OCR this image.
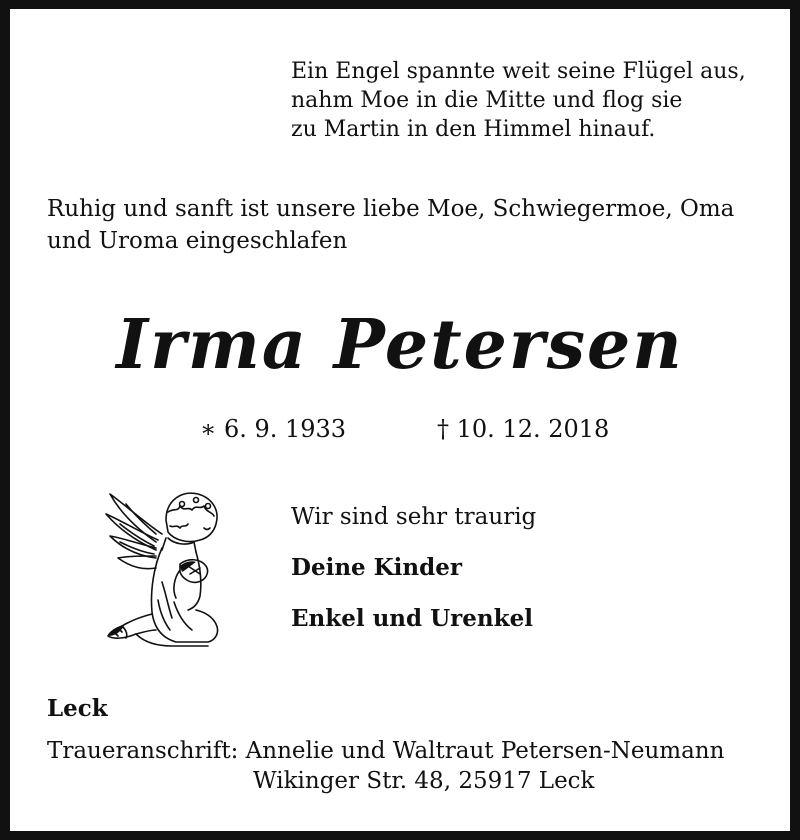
Ein Engel spannte weit seine Flügel aus,
nahm Moe in die Mitte und flog sie
zu Martin in den Himmel hinauf.
Ruhig und sanft ist unsere liebe Moe, Schwiegermoe, Oma
und Uroma eingeschlafen
Irma Petersen
∗ 6. 9. 1933	† 10. 12. 2018
Wir sind sehr traurig
Deine Kinder
Enkel und Urenkel
Leck
Traueranschrift: Annelie und Waltraut Petersen-Neumann
Wikinger Str. 48, 25917 Leck
